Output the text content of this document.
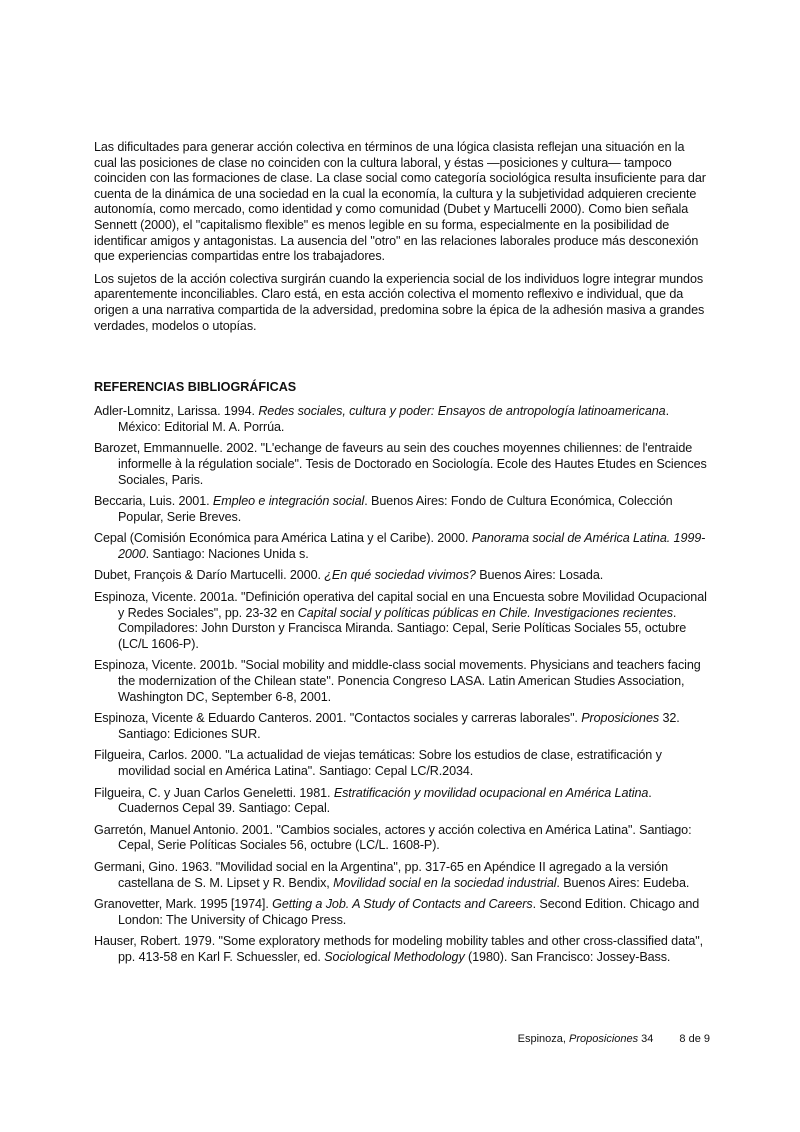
Las dificultades para generar acción colectiva en términos de una lógica clasista reflejan una situación en la cual las posiciones de clase no coinciden con la cultura laboral, y éstas —posiciones y cultura— tampoco coinciden con las formaciones de clase. La clase social como categoría sociológica resulta insuficiente para dar cuenta de la dinámica de una sociedad en la cual la economía, la cultura y la subjetividad adquieren creciente autonomía, como mercado, como identidad y como comunidad (Dubet y Martucelli 2000). Como bien señala Sennett (2000), el "capitalismo flexible" es menos legible en su forma, especialmente en la posibilidad de identificar amigos y antagonistas. La ausencia del "otro" en las relaciones laborales produce más desconexión que experiencias compartidas entre los trabajadores.

Los sujetos de la acción colectiva surgirán cuando la experiencia social de los individuos logre integrar mundos aparentemente inconciliables. Claro está, en esta acción colectiva el momento reflexivo e individual, que da origen a una narrativa compartida de la adversidad, predomina sobre la épica de la adhesión masiva a grandes verdades, modelos o utopías.

REFERENCIAS BIBLIOGRÁFICAS

Adler-Lomnitz, Larissa. 1994. Redes sociales, cultura y poder: Ensayos de antropología latinoamericana. México: Editorial M. A. Porrúa.

Barozet, Emmannuelle. 2002. "L'echange de faveurs au sein des couches moyennes chiliennes: de l'entraide informelle à la régulation sociale". Tesis de Doctorado en Sociología. Ecole des Hautes Etudes en Sciences Sociales, Paris.

Beccaria, Luis. 2001. Empleo e integración social. Buenos Aires: Fondo de Cultura Económica, Colección Popular, Serie Breves.

Cepal (Comisión Económica para América Latina y el Caribe). 2000. Panorama social de América Latina. 1999-2000. Santiago: Naciones Unida s.

Dubet, François & Darío Martucelli. 2000. ¿En qué sociedad vivimos? Buenos Aires: Losada.

Espinoza, Vicente. 2001a. "Definición operativa del capital social en una Encuesta sobre Movilidad Ocupacional y Redes Sociales", pp. 23-32 en Capital social y políticas públicas en Chile. Investigaciones recientes. Compiladores: John Durston y Francisca Miranda. Santiago: Cepal, Serie Políticas Sociales 55, octubre (LC/L 1606-P).

Espinoza, Vicente. 2001b. "Social mobility and middle-class social movements. Physicians and teachers facing the modernization of the Chilean state". Ponencia Congreso LASA. Latin American Studies Association, Washington DC, September 6-8, 2001.

Espinoza, Vicente & Eduardo Canteros. 2001. "Contactos sociales y carreras laborales". Proposiciones 32. Santiago: Ediciones SUR.

Filgueira, Carlos. 2000. "La actualidad de viejas temáticas: Sobre los estudios de clase, estratificación y movilidad social en América Latina". Santiago: Cepal LC/R.2034.

Filgueira, C. y Juan Carlos Geneletti. 1981. Estratificación y movilidad ocupacional en América Latina. Cuadernos Cepal 39. Santiago: Cepal.

Garretón, Manuel Antonio. 2001. "Cambios sociales, actores y acción colectiva en América Latina". Santiago: Cepal, Serie Políticas Sociales 56, octubre (LC/L. 1608-P).

Germani, Gino. 1963. "Movilidad social en la Argentina", pp. 317-65 en Apéndice II agregado a la versión castellana de S. M. Lipset y R. Bendix, Movilidad social en la sociedad industrial. Buenos Aires: Eudeba.

Granovetter, Mark. 1995 [1974]. Getting a Job. A Study of Contacts and Careers. Second Edition. Chicago and London: The University of Chicago Press.

Hauser, Robert. 1979. "Some exploratory methods for modeling mobility tables and other cross-classified data", pp. 413-58 en Karl F. Schuessler, ed. Sociological Methodology (1980). San Francisco: Jossey-Bass.

Espinoza, Proposiciones 34 8 de 9
